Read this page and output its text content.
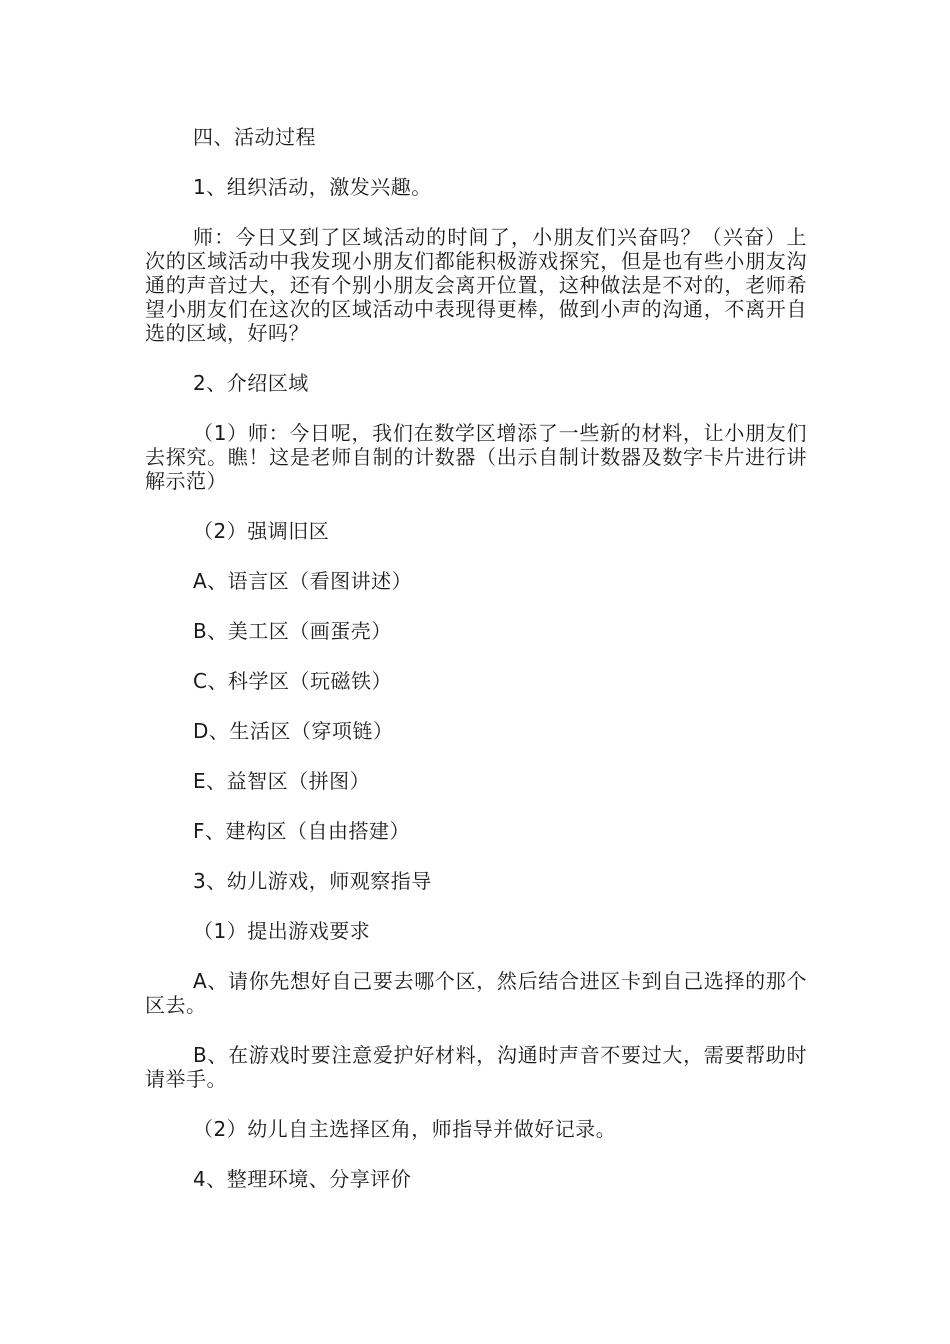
四、活动过程

1、组织活动，激发兴趣。

师：今日又到了区域活动的时间了，小朋友们兴奋吗？（兴奋）上次的区域活动中我发现小朋友们都能积极游戏探究，但是也有些小朋友沟通的声音过大，还有个别小朋友会离开位置，这种做法是不对的，老师希望小朋友们在这次的区域活动中表现得更棒，做到小声的沟通，不离开自选的区域，好吗？

2、介绍区域

（1）师：今日呢，我们在数学区增添了一些新的材料，让小朋友们去探究。瞧！这是老师自制的计数器（出示自制计数器及数字卡片进行讲解示范）

（2）强调旧区

A、语言区（看图讲述）

B、美工区（画蛋壳）

C、科学区（玩磁铁）

D、生活区（穿项链）

E、益智区（拼图）

F、建构区（自由搭建）

3、幼儿游戏，师观察指导

（1）提出游戏要求

A、请你先想好自己要去哪个区，然后结合进区卡到自己选择的那个区去。

B、在游戏时要注意爱护好材料，沟通时声音不要过大，需要帮助时请举手。

（2）幼儿自主选择区角，师指导并做好记录。

4、整理环境、分享评价
